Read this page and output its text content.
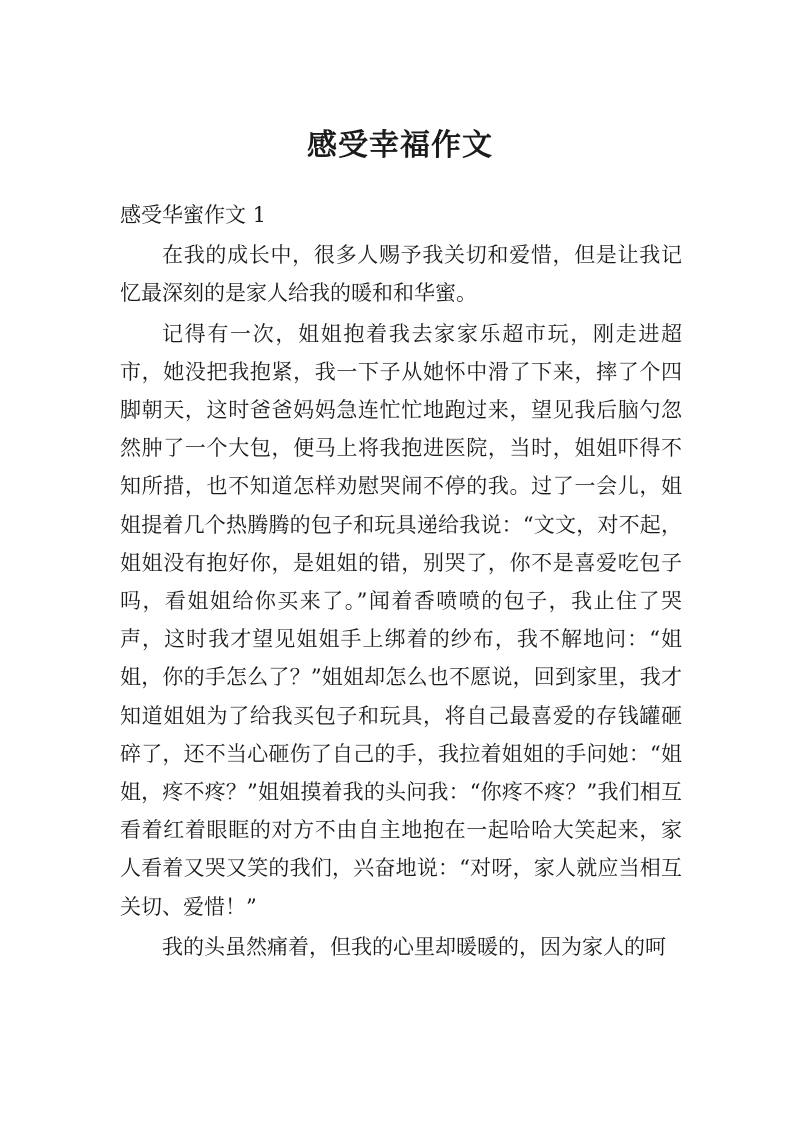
感受幸福作文

感受华蜜作文 1

在我的成长中，很多人赐予我关切和爱惜，但是让我记忆最深刻的是家人给我的暖和和华蜜。

记得有一次，姐姐抱着我去家家乐超市玩，刚走进超市，她没把我抱紧，我一下子从她怀中滑了下来，摔了个四脚朝天，这时爸爸妈妈急连忙忙地跑过来，望见我后脑勺忽然肿了一个大包，便马上将我抱进医院，当时，姐姐吓得不知所措，也不知道怎样劝慰哭闹不停的我。过了一会儿，姐姐提着几个热腾腾的包子和玩具递给我说：“文文，对不起，姐姐没有抱好你，是姐姐的错，别哭了，你不是喜爱吃包子吗，看姐姐给你买来了。”闻着香喷喷的包子，我止住了哭声，这时我才望见姐姐手上绑着的纱布，我不解地问：“姐姐，你的手怎么了？”姐姐却怎么也不愿说，回到家里，我才知道姐姐为了给我买包子和玩具，将自己最喜爱的存钱罐砸碎了，还不当心砸伤了自己的手，我拉着姐姐的手问她：“姐姐，疼不疼？”姐姐摸着我的头问我：“你疼不疼？”我们相互看着红着眼眶的对方不由自主地抱在一起哈哈大笑起来，家人看着又哭又笑的我们，兴奋地说：“对呀，家人就应当相互关切、爱惜！”

我的头虽然痛着，但我的心里却暖暖的，因为家人的呵
